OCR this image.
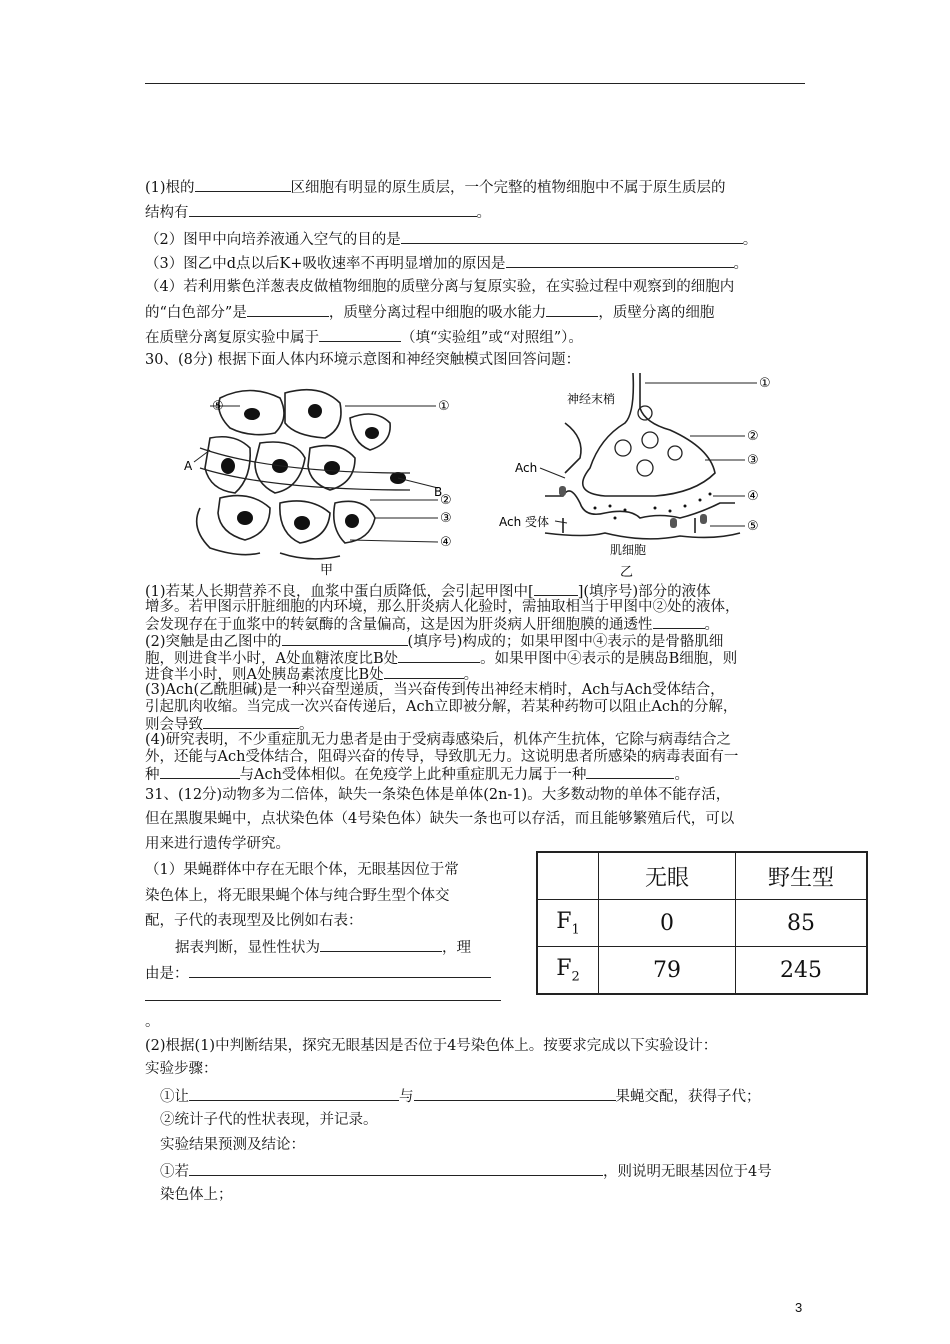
(1)根的	区细胞有明显的原生质层，一个完整的植物细胞中不属于原生质层的
结构有	。
（2）图甲中向培养液通入空气的目的是	。
（3）图乙中d点以后K+吸收速率不再明显增加的原因是	。
（4）若利用紫色洋葱表皮做植物细胞的质壁分离与复原实验，在实验过程中观察到的细胞内
的“白色部分”是	，质壁分离过程中细胞的吸水能力	，质壁分离的细胞
在质壁分离复原实验中属于	（填“实验组”或“对照组”）。
30、(8分) 根据下面人体内环境示意图和神经突触模式图回答问题：
⑤	①
A
B
②
③
④
甲
神经末梢
Ach
Ach 受体
肌细胞
①
②
③
④
⑤
乙
(1)若某人长期营养不良，血浆中蛋白质降低，会引起甲图中[	](填序号)部分的液体
增多。若甲图示肝脏细胞的内环境，那么肝炎病人化验时，需抽取相当于甲图中②处的液体，
会发现存在于血浆中的转氨酶的含量偏高，这是因为肝炎病人肝细胞膜的通透性	。
(2)突触是由乙图中的	(填序号)构成的；如果甲图中④表示的是骨骼肌细
胞，则进食半小时，A处血糖浓度比B处	。如果甲图中④表示的是胰岛B细胞，则
进食半小时，则A处胰岛素浓度比B处	。
(3)Ach(乙酰胆碱)是一种兴奋型递质，当兴奋传到传出神经末梢时，Ach与Ach受体结合，
引起肌肉收缩。当完成一次兴奋传递后，Ach立即被分解，若某种药物可以阻止Ach的分解，
则会导致	。
(4)研究表明，不少重症肌无力患者是由于受病毒感染后，机体产生抗体，它除与病毒结合之
外，还能与Ach受体结合，阻碍兴奋的传导，导致肌无力。这说明患者所感染的病毒表面有一
种	与Ach受体相似。在免疫学上此种重症肌无力属于一种	。
31、(12分)动物多为二倍体，缺失一条染色体是单体(2n-1)。大多数动物的单体不能存活，
但在黑腹果蝇中，点状染色体（4号染色体）缺失一条也可以存活，而且能够繁殖后代，可以
用来进行遗传学研究。
（1）果蝇群体中存在无眼个体，无眼基因位于常
染色体上，将无眼果蝇个体与纯合野生型个体交
配，子代的表现型及比例如右表：
据表判断，显性性状为	，理
由是：
。
(2)根据(1)中判断结果，探究无眼基因是否位于4号染色体上。按要求完成以下实验设计：
实验步骤：
①让	与	果蝇交配，获得子代；
②统计子代的性状表现，并记录。
实验结果预测及结论：
①若	，则说明无眼基因位于4号
染色体上；
	无眼	野生型
$F_1$	0	85
$F_2$	79	245
3
